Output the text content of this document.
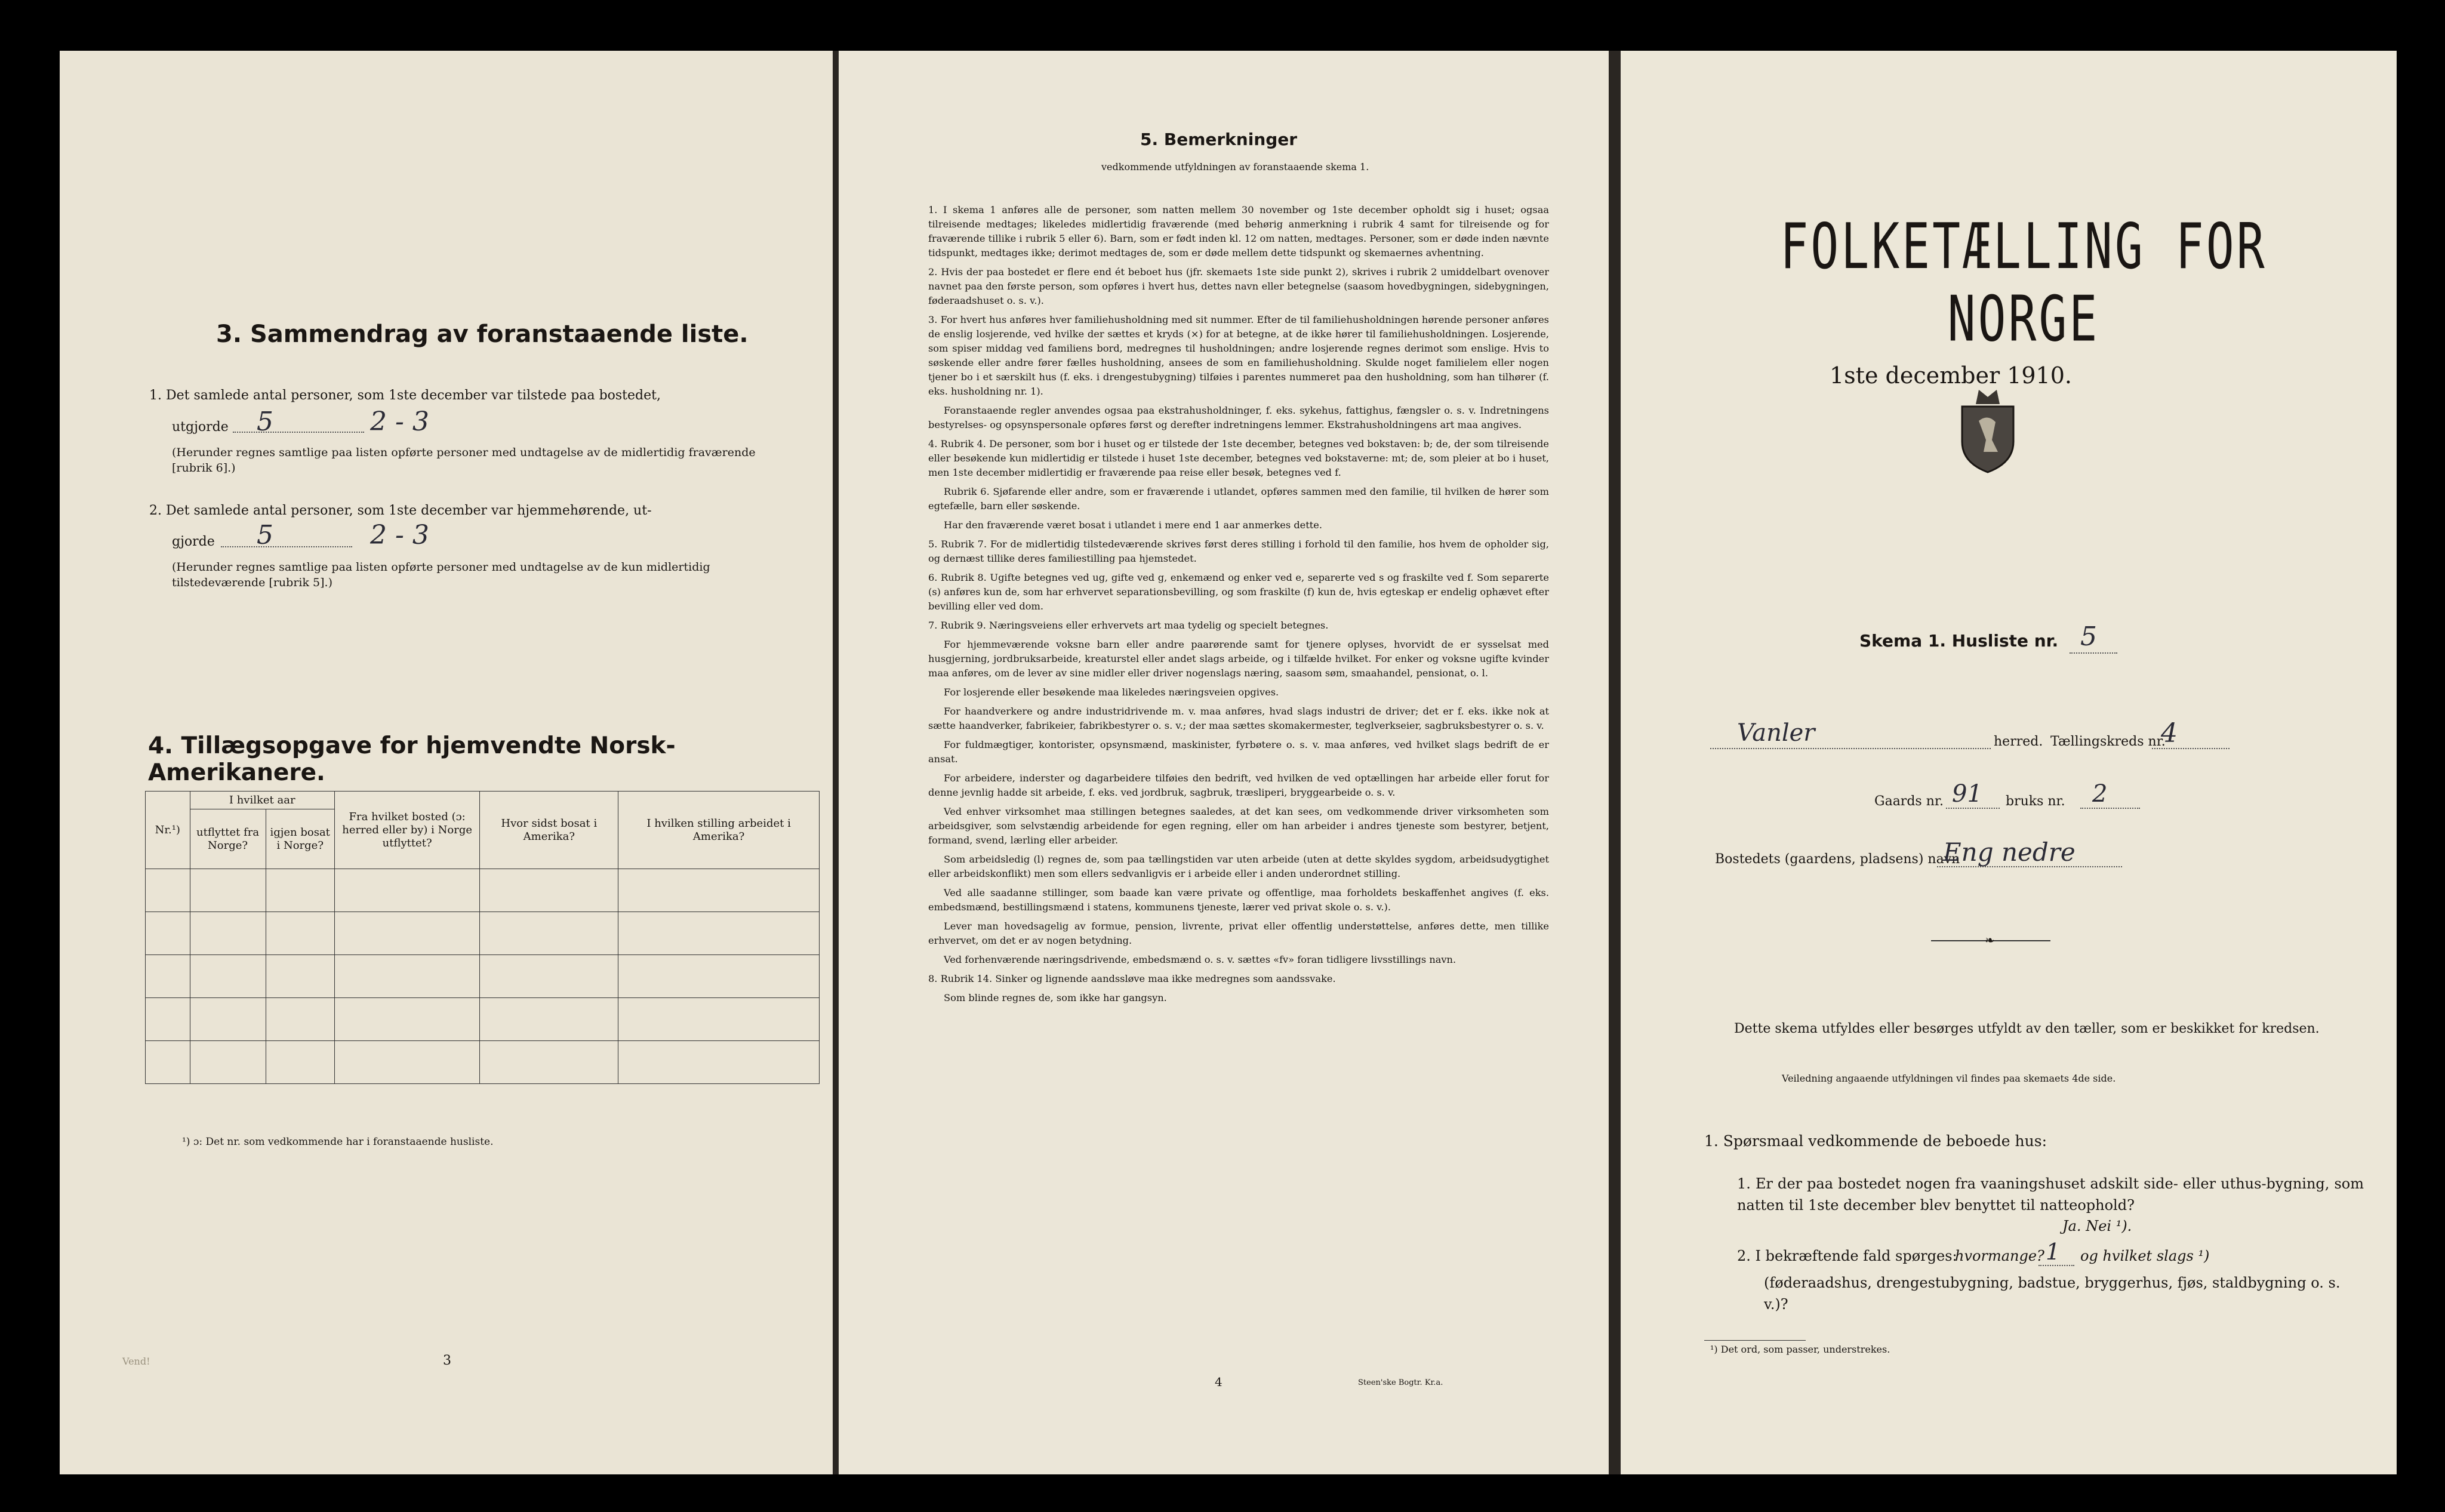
3. Sammendrag av foranstaaende liste.
1. Det samlede antal personer, som 1ste december var tilstede paa bostedet,
utgjorde 5	2 - 3
(Herunder regnes samtlige paa listen opførte personer med undtagelse av de midlertidig fraværende [rubrik 6].)
2. Det samlede antal personer, som 1ste december var hjemmehørende, ut-
gjorde 5	2 - 3
(Herunder regnes samtlige paa listen opførte personer med undtagelse av de kun midlertidig tilstedeværende [rubrik 5].)
4. Tillægsopgave for hjemvendte Norsk-Amerikanere.
Nr.¹)	I hvilket aar		Fra hvilket bosted (ɔ: herred eller by) i Norge utflyttet?	Hvor sidst bosat i Amerika?	I hvilken stilling arbeidet i Amerika?
	utflyttet fra Norge?	igjen bosat i Norge?			

¹) ɔ: Det nr. som vedkommende har i foranstaaende husliste.
3
Vend!
5. Bemerkninger
vedkommende utfyldningen av foranstaaende skema 1.

1. I skema 1 anføres alle de personer, som natten mellem 30 november og 1ste december opholdt sig i huset; ogsaa tilreisende medtages; likeledes midlertidig fraværende (med behørig anmerkning i rubrik 4 samt for tilreisende og for fraværende tillike i rubrik 5 eller 6). Barn, som er født inden kl. 12 om natten, medtages. Personer, som er døde inden nævnte tidspunkt, medtages ikke; derimot medtages de, som er døde mellem dette tidspunkt og skemaernes avhentning.

2. Hvis der paa bostedet er flere end ét beboet hus (jfr. skemaets 1ste side punkt 2), skrives i rubrik 2 umiddelbart ovenover navnet paa den første person, som opføres i hvert hus, dettes navn eller betegnelse (saasom hovedbygningen, sidebygningen, føderaadshuset o. s. v.).

3. For hvert hus anføres hver familiehusholdning med sit nummer. Efter de til familiehusholdningen hørende personer anføres de enslig losjerende, ved hvilke der sættes et kryds (×) for at betegne, at de ikke hører til familiehusholdningen. Losjerende, som spiser middag ved familiens bord, medregnes til husholdningen; andre losjerende regnes derimot som enslige. Hvis to søskende eller andre fører fælles husholdning, ansees de som en familiehusholdning. Skulde noget familielem eller nogen tjener bo i et særskilt hus (f. eks. i drengestubygning) tilføies i parentes nummeret paa den husholdning, som han tilhører (f. eks. husholdning nr. 1).

Foranstaaende regler anvendes ogsaa paa ekstrahusholdninger, f. eks. sykehus, fattighus, fængsler o. s. v. Indretningens bestyrelses- og opsynspersonale opføres først og derefter indretningens lemmer. Ekstrahusholdningens art maa angives.

4. Rubrik 4. De personer, som bor i huset og er tilstede der 1ste december, betegnes ved bokstaven: b; de, der som tilreisende eller besøkende kun midlertidig er tilstede i huset 1ste december, betegnes ved bokstaverne: mt; de, som pleier at bo i huset, men 1ste december midlertidig er fraværende paa reise eller besøk, betegnes ved f.

Rubrik 6. Sjøfarende eller andre, som er fraværende i utlandet, opføres sammen med den familie, til hvilken de hører som egtefælle, barn eller søskende.

Har den fraværende været bosat i utlandet i mere end 1 aar anmerkes dette.

5. Rubrik 7. For de midlertidig tilstedeværende skrives først deres stilling i forhold til den familie, hos hvem de opholder sig, og dernæst tillike deres familiestilling paa hjemstedet.

6. Rubrik 8. Ugifte betegnes ved ug, gifte ved g, enkemænd og enker ved e, separerte ved s og fraskilte ved f. Som separerte (s) anføres kun de, som har erhvervet separationsbevilling, og som fraskilte (f) kun de, hvis egteskap er endelig ophævet efter bevilling eller ved dom.

7. Rubrik 9. Næringsveiens eller erhvervets art maa tydelig og specielt betegnes.

For hjemmeværende voksne barn eller andre paarørende samt for tjenere oplyses, hvorvidt de er sysselsat med husgjerning, jordbruksarbeide, kreaturstel eller andet slags arbeide, og i tilfælde hvilket. For enker og voksne ugifte kvinder maa anføres, om de lever av sine midler eller driver nogenslags næring, saasom søm, smaahandel, pensionat, o. l.

For losjerende eller besøkende maa likeledes næringsveien opgives.

For haandverkere og andre industridrivende m. v. maa anføres, hvad slags industri de driver; det er f. eks. ikke nok at sætte haandverker, fabrikeier, fabrikbestyrer o. s. v.; der maa sættes skomakermester, teglverkseier, sagbruksbestyrer o. s. v.

For fuldmægtiger, kontorister, opsynsmænd, maskinister, fyrbøtere o. s. v. maa anføres, ved hvilket slags bedrift de er ansat.

For arbeidere, inderster og dagarbeidere tilføies den bedrift, ved hvilken de ved optællingen har arbeide eller forut for denne jevnlig hadde sit arbeide, f. eks. ved jordbruk, sagbruk, træsliperi, bryggearbeide o. s. v.

Ved enhver virksomhet maa stillingen betegnes saaledes, at det kan sees, om vedkommende driver virksomheten som arbeidsgiver, som selvstændig arbeidende for egen regning, eller om han arbeider i andres tjeneste som bestyrer, betjent, formand, svend, lærling eller arbeider.

Som arbeidsledig (l) regnes de, som paa tællingstiden var uten arbeide (uten at dette skyldes sygdom, arbeidsudygtighet eller arbeidskonflikt) men som ellers sedvanligvis er i arbeide eller i anden underordnet stilling.

Ved alle saadanne stillinger, som baade kan være private og offentlige, maa forholdets beskaffenhet angives (f. eks. embedsmænd, bestillingsmænd i statens, kommunens tjeneste, lærer ved privat skole o. s. v.).

Lever man hovedsagelig av formue, pension, livrente, privat eller offentlig understøttelse, anføres dette, men tillike erhvervet, om det er av nogen betydning.

Ved forhenværende næringsdrivende, embedsmænd o. s. v. sættes «fv» foran tidligere livsstillings navn.

8. Rubrik 14. Sinker og lignende aandssløve maa ikke medregnes som aandssvake.

Som blinde regnes de, som ikke har gangsyn.

4	Steen'ske Bogtr. Kr.a.
FOLKETÆLLING FOR NORGE
1ste december 1910.
Skema 1. Husliste nr. 5
Vanler	herred. Tællingskreds nr.
4
Gaards nr. 91 bruks nr. 2
Bostedets (gaardens, pladsens) navn
Eng nedre
❧
Dette skema utfyldes eller besørges utfyldt av den tæller, som er beskikket for kredsen.
Veiledning angaaende utfyldningen vil findes paa skemaets 4de side.
1. Spørsmaal vedkommende de beboede hus:
1. Er der paa bostedet nogen fra vaaningshuset adskilt side- eller uthus-bygning, som natten til 1ste december blev benyttet til natteophold?
Ja. Nei ¹).
2. I bekræftende fald spørges:
hvormange? 1 og hvilket slags ¹)
(føderaadshus, drengestubygning, badstue, bryggerhus, fjøs, staldbygning o. s. v.)?
¹) Det ord, som passer, understrekes.
